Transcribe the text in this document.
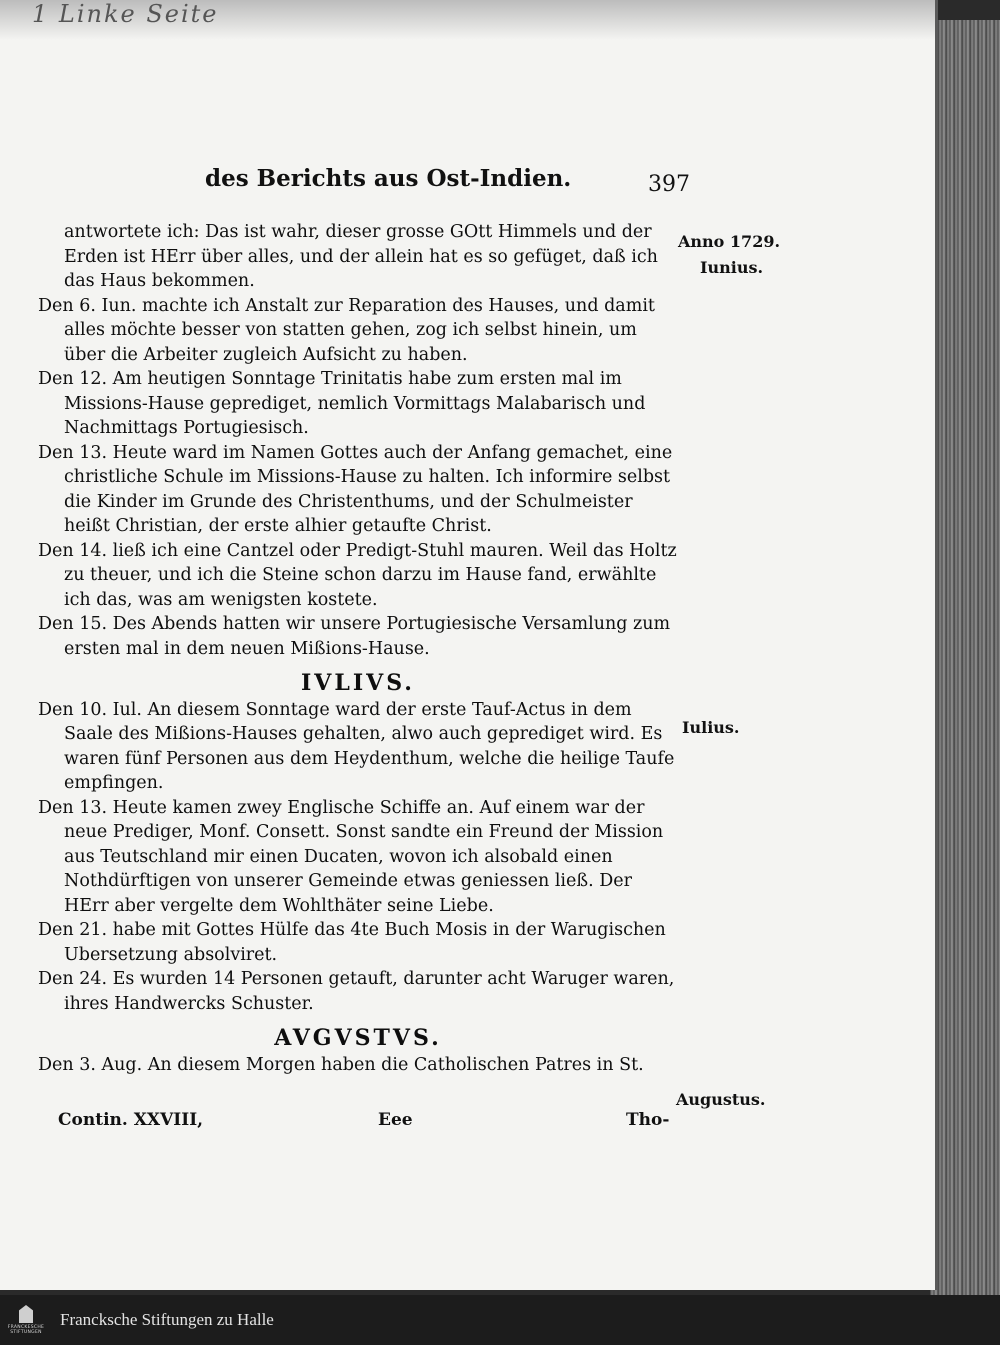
1 Linke Seite
des Berichts aus Ost-Indien.	397

antwortete ich: Das ist wahr, dieser grosse GOtt Himmels und der Erden ist HErr über alles, und der allein hat es so gefüget, daß ich das Haus bekommen.

Den 6. Iun. machte ich Anstalt zur Reparation des Hauses, und damit alles möchte besser von statten gehen, zog ich selbst hinein, um über die Arbeiter zugleich Aufsicht zu haben.

Den 12. Am heutigen Sonntage Trinitatis habe zum ersten mal im Missions-Hause geprediget, nemlich Vormittags Malabarisch und Nachmittags Portugiesisch.

Den 13. Heute ward im Namen Gottes auch der Anfang gemachet, eine christliche Schule im Missions-Hause zu halten. Ich informire selbst die Kinder im Grunde des Christenthums, und der Schulmeister heißt Christian, der erste alhier getaufte Christ.

Den 14. ließ ich eine Cantzel oder Predigt-Stuhl mauren. Weil das Holtz zu theuer, und ich die Steine schon darzu im Hause fand, erwählte ich das, was am wenigsten kostete.

Den 15. Des Abends hatten wir unsere Portugiesische Versamlung zum ersten mal in dem neuen Mißions-Hause.

IVLIVS.

Den 10. Iul. An diesem Sonntage ward der erste Tauf-Actus in dem Saale des Mißions-Hauses gehalten, alwo auch geprediget wird. Es waren fünf Personen aus dem Heydenthum, welche die heilige Taufe empfingen.

Den 13. Heute kamen zwey Englische Schiffe an. Auf einem war der neue Prediger, Monf. Consett. Sonst sandte ein Freund der Mission aus Teutschland mir einen Ducaten, wovon ich alsobald einen Nothdürftigen von unserer Gemeinde etwas geniessen ließ. Der HErr aber vergelte dem Wohlthäter seine Liebe.

Den 21. habe mit Gottes Hülfe das 4te Buch Mosis in der Warugischen Ubersetzung absolviret.

Den 24. Es wurden 14 Personen getauft, darunter acht Waruger waren, ihres Handwercks Schuster.

AVGVSTVS.

Den 3. Aug. An diesem Morgen haben die Catholischen Patres in St.

Anno 1729.
Iunius.
Iulius.
Augustus.
Contin. XXVIII,	Eee	Tho-
FRANCKESCHE STIFTUNGEN
Francksche Stiftungen zu Halle
